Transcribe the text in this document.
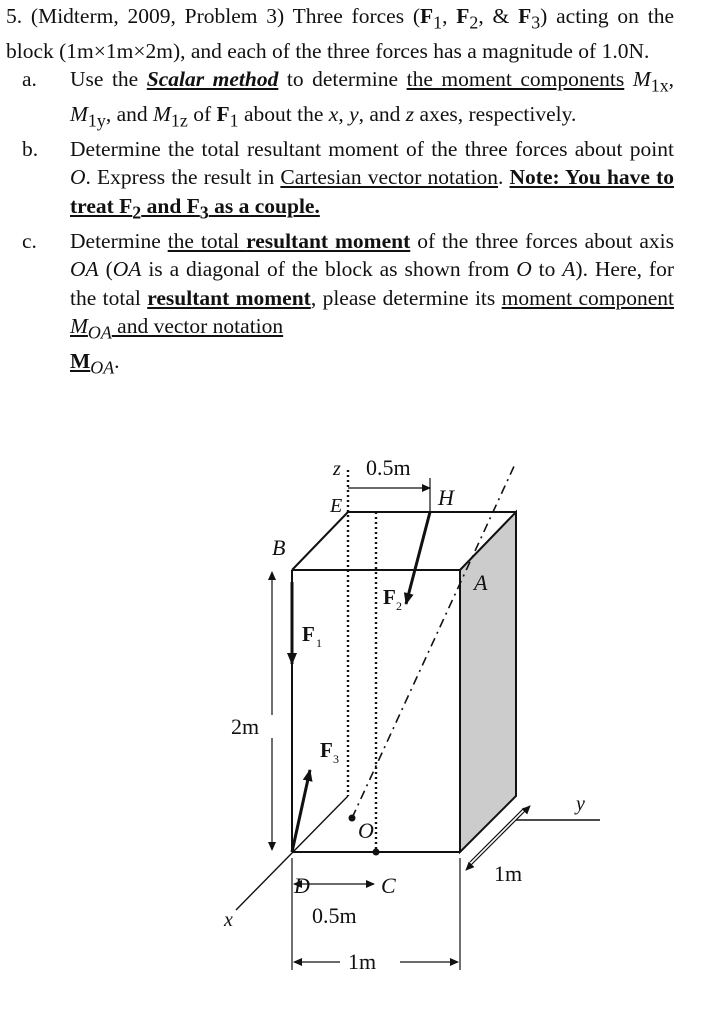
5. (Midterm, 2009, Problem 3) Three forces ($F_1$, $F_2$, & $F_3$) acting on the block (1m×1m×2m), and each of the three forces has a magnitude of 1.0N.
a.	Use the Scalar method to determine the moment components $M_{1x}$, $M_{1y}$, and $M_{1z}$ of $F_1$ about the x, y, and z axes, respectively.
b.	Determine the total resultant moment of the three forces about point O. Express the result in Cartesian vector notation. Note: You have to treat $F_2$ and $F_3$ as a couple.
c.	Determine the total resultant moment of the three forces about axis OA (OA is a diagonal of the block as shown from O to A). Here, for the total resultant moment, please determine its moment component $M_{OA}$ and vector notation
$M_{OA}$.
z 0.5m
E	H
B
A
F 1
F 2
F 3
2m
O
y
1m
D	C
x	0.5m
1m
